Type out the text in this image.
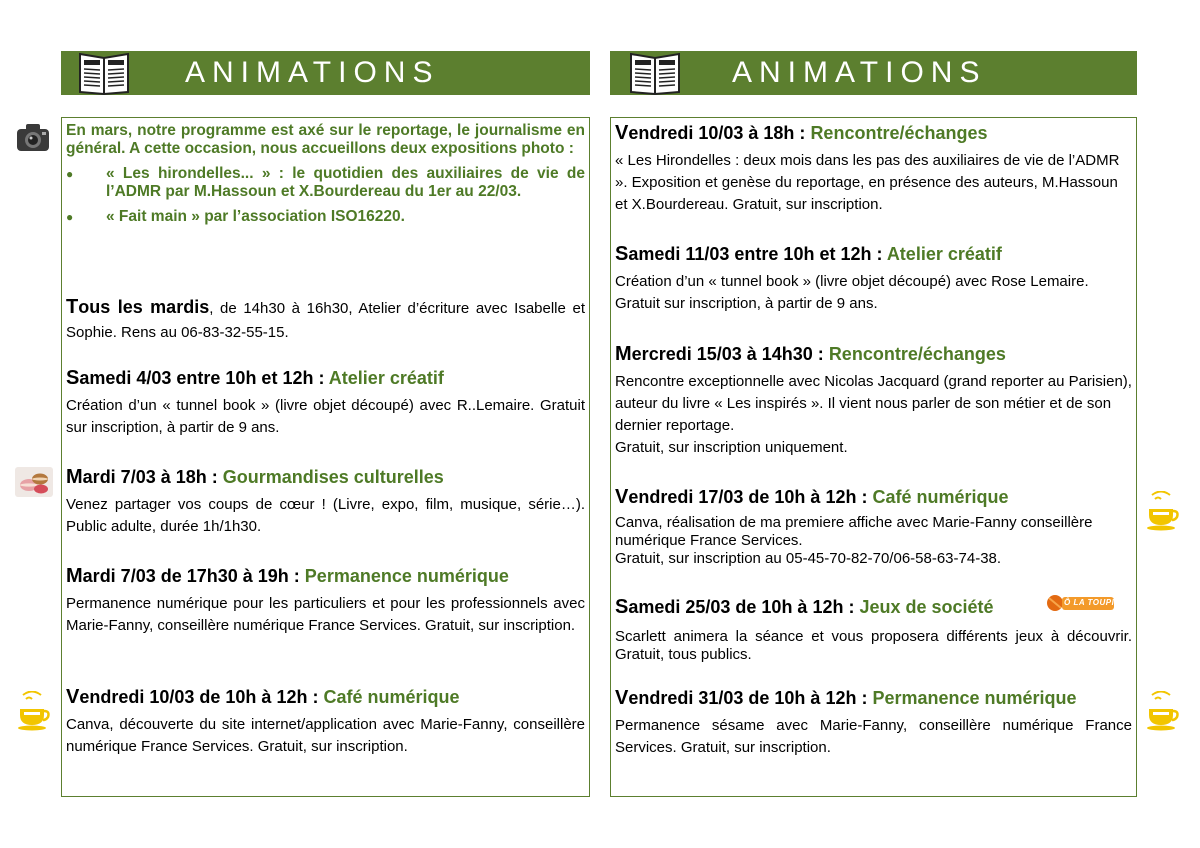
ANIMATIONS
En mars, notre programme est axé sur le reportage, le journalisme en général. A cette occasion, nous accueillons deux expositions photo :
● « Les hirondelles... » : le quotidien des auxiliaires de vie de l’ADMR par M.Hassoun et X.Bourdereau du 1er au 22/03.
● « Fait main » par l’association ISO16220.
Tous les mardis, de 14h30 à 16h30, Atelier d’écriture avec Isabelle et Sophie. Rens au 06-83-32-55-15.
Samedi 4/03 entre 10h et 12h : Atelier créatif
Création d’un « tunnel book » (livre objet découpé) avec R..Lemaire. Gratuit sur inscription, à partir de 9 ans.
Mardi 7/03 à 18h : Gourmandises culturelles
Venez partager vos coups de cœur ! (Livre, expo, film, musique, série…). Public adulte, durée 1h/1h30.
Mardi 7/03 de 17h30 à 19h : Permanence numérique
Permanence numérique pour les particuliers et pour les professionnels avec Marie-Fanny, conseillère numérique France Services. Gratuit, sur inscription.
Vendredi 10/03 de 10h à 12h : Café numérique
Canva, découverte du site internet/application avec Marie-Fanny, conseillère numérique France Services. Gratuit, sur inscription.
ANIMATIONS
Vendredi 10/03 à 18h : Rencontre/échanges
« Les Hirondelles : deux mois dans les pas des auxiliaires de vie de l’ADMR ». Exposition et genèse du reportage, en présence des auteurs, M.Hassoun et X.Bourdereau. Gratuit, sur inscription.
Samedi 11/03 entre 10h et 12h : Atelier créatif
Création d’un « tunnel book » (livre objet découpé) avec Rose Lemaire. Gratuit sur inscription, à partir de 9 ans.
Mercredi 15/03 à 14h30 : Rencontre/échanges
Rencontre exceptionnelle avec Nicolas Jacquard (grand reporter au Parisien), auteur du livre « Les inspirés ». Il vient nous parler de son métier et de son dernier reportage.
Gratuit, sur inscription uniquement.
Vendredi 17/03 de 10h à 12h : Café numérique
Canva, réalisation de ma premiere affiche avec Marie-Fanny conseillère numérique France Services.
Gratuit, sur inscription au 05-45-70-82-70/06-58-63-74-38.
Samedi 25/03 de 10h à 12h : Jeux de société
Scarlett animera la séance et vous proposera différents jeux à découvrir. Gratuit, tous publics.
Ô LA TOUPIE
Vendredi 31/03 de 10h à 12h : Permanence numérique
Permanence sésame avec Marie-Fanny, conseillère numérique France Services. Gratuit, sur inscription.
